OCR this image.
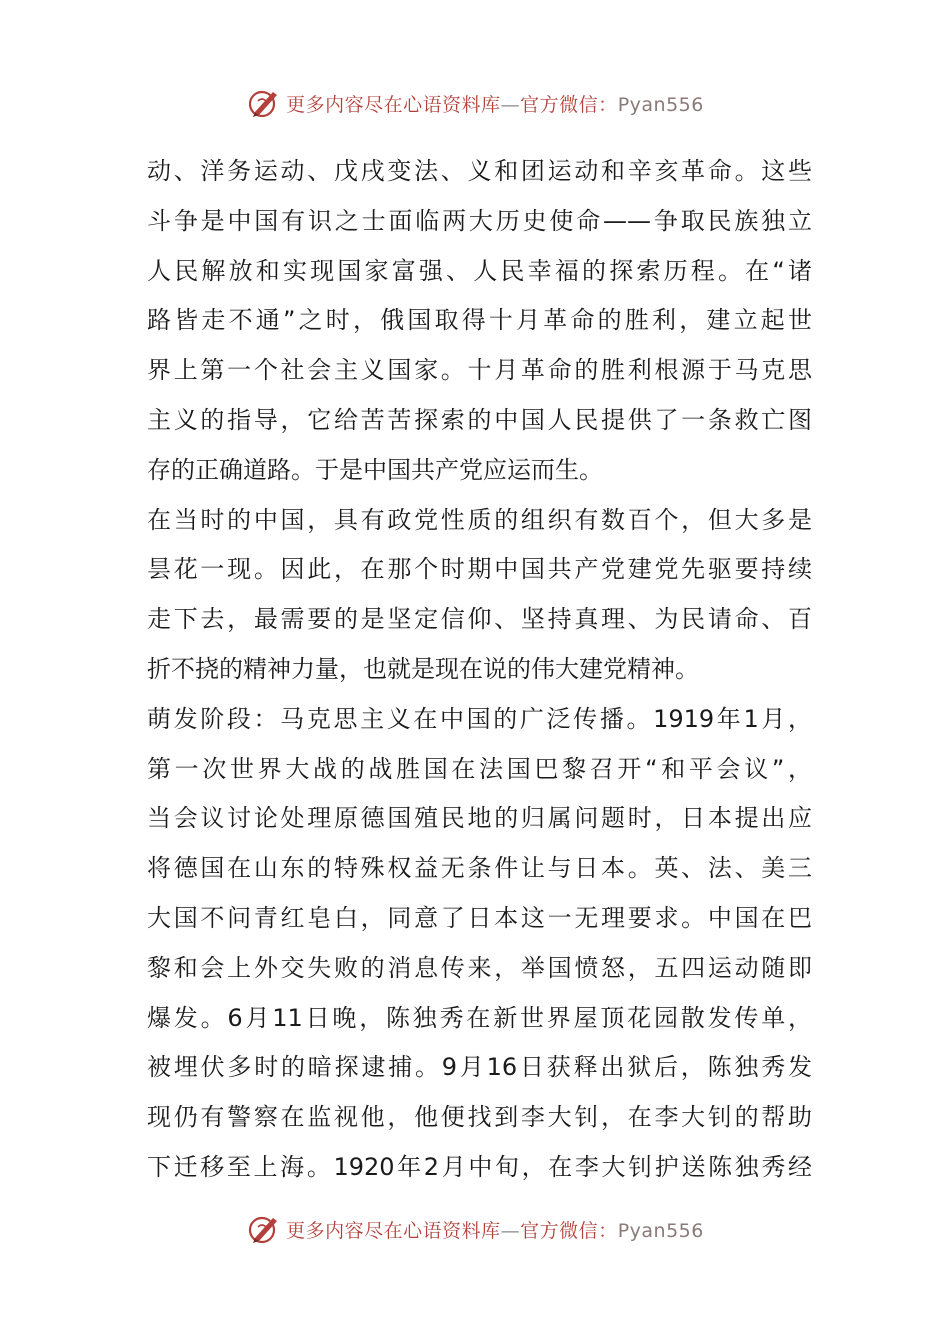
更多内容尽在心语资料库—官方微信：Pyan556
动、洋务运动、戊戌变法、义和团运动和辛亥革命。这些
斗争是中国有识之士面临两大历史使命——争取民族独立
人民解放和实现国家富强、人民幸福的探索历程。在“诸
路皆走不通”之时，俄国取得十月革命的胜利，建立起世
界上第一个社会主义国家。十月革命的胜利根源于马克思
主义的指导，它给苦苦探索的中国人民提供了一条救亡图
存的正确道路。于是中国共产党应运而生。
在当时的中国，具有政党性质的组织有数百个，但大多是
昙花一现。因此，在那个时期中国共产党建党先驱要持续
走下去，最需要的是坚定信仰、坚持真理、为民请命、百
折不挠的精神力量，也就是现在说的伟大建党精神。
萌发阶段：马克思主义在中国的广泛传播。1919年1月，
第一次世界大战的战胜国在法国巴黎召开“和平会议”，
当会议讨论处理原德国殖民地的归属问题时，日本提出应
将德国在山东的特殊权益无条件让与日本。英、法、美三
大国不问青红皂白，同意了日本这一无理要求。中国在巴
黎和会上外交失败的消息传来，举国愤怒，五四运动随即
爆发。6月11日晚，陈独秀在新世界屋顶花园散发传单，
被埋伏多时的暗探逮捕。9月16日获释出狱后，陈独秀发
现仍有警察在监视他，他便找到李大钊，在李大钊的帮助
下迁移至上海。1920年2月中旬，在李大钊护送陈独秀经
更多内容尽在心语资料库—官方微信：Pyan556
